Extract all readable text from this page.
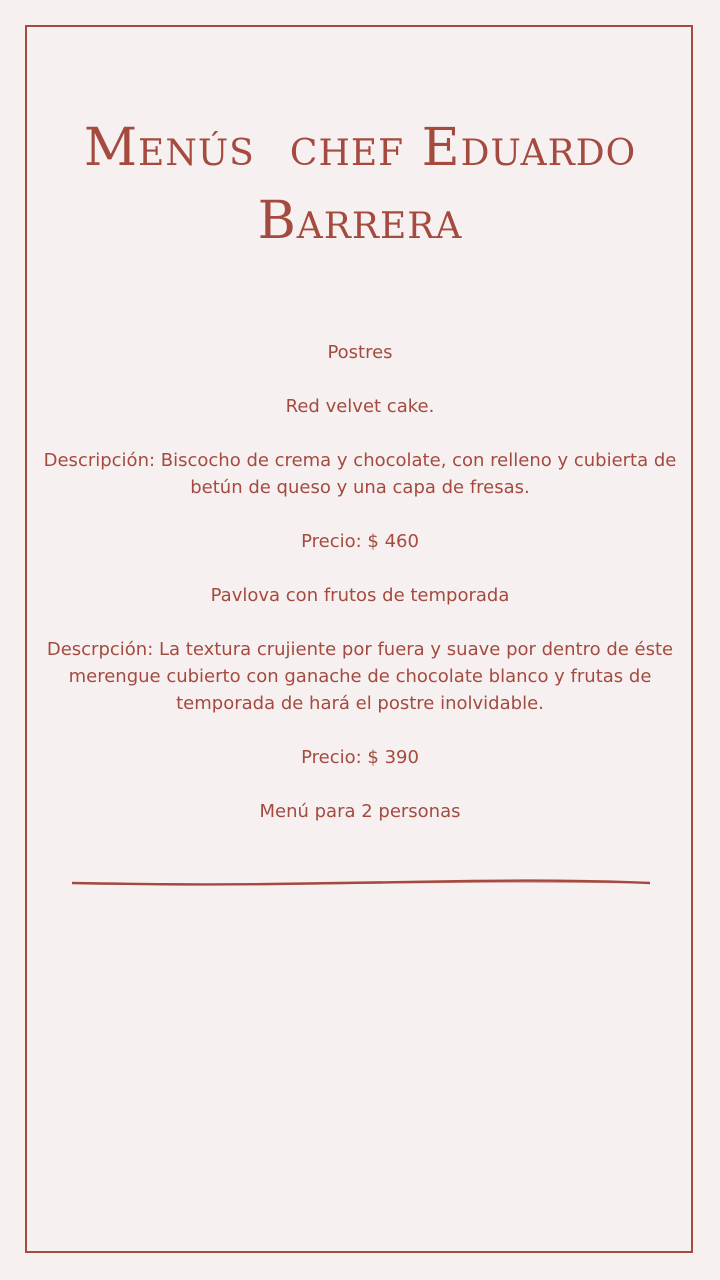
Menús  chef Eduardo
Barrera

Postres

Red velvet cake.

Descripción: Biscocho de crema y chocolate, con relleno y cubierta de betún de queso y una capa de fresas.

Precio: $ 460

Pavlova con frutos de temporada

Descrpción: La textura crujiente por fuera y suave por dentro de éste merengue cubierto con ganache de chocolate blanco y frutas de temporada de hará el postre inolvidable.

Precio: $ 390

Menú para 2 personas
